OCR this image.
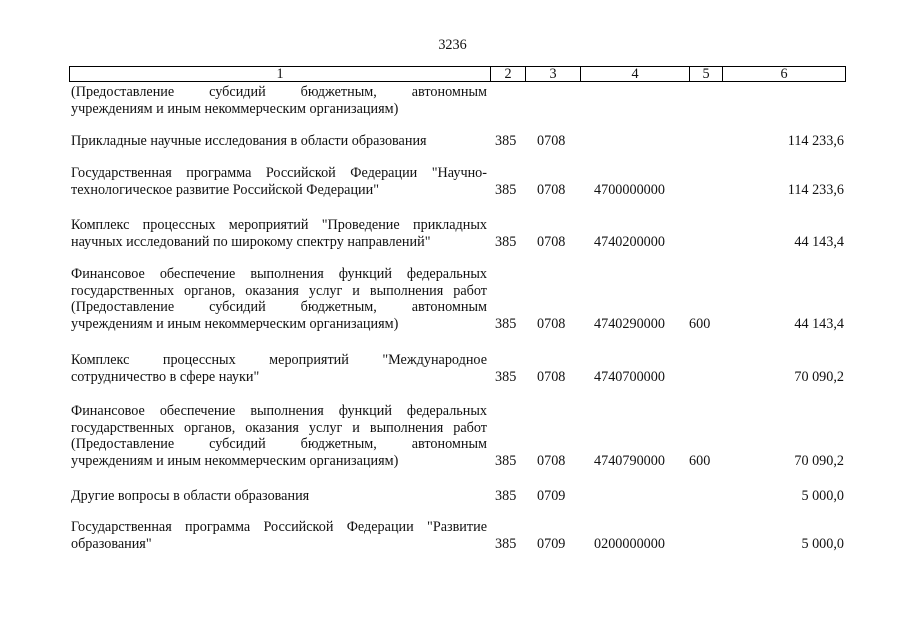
3236
1	2	3	4	5	6
(Предоставление субсидий бюджетным, автономным
учреждениям и иным некоммерческим организациям)
Прикладные научные исследования в области образования	385 0708	114 233,6
Государственная программа Российской Федерации "Научно-
технологическое развитие Российской Федерации"	385 0708 4700000000	114 233,6
Комплекс процессных мероприятий "Проведение прикладных
научных исследований по широкому спектру направлений"	385 0708 4740200000	44 143,4
Финансовое обеспечение выполнения функций федеральных
государственных органов, оказания услуг и выполнения работ
(Предоставление субсидий бюджетным, автономным
учреждениям и иным некоммерческим организациям)	385 0708 4740290000 600	44 143,4
Комплекс процессных мероприятий "Международное
сотрудничество в сфере науки"	385 0708 4740700000	70 090,2
Финансовое обеспечение выполнения функций федеральных
государственных органов, оказания услуг и выполнения работ
(Предоставление субсидий бюджетным, автономным
учреждениям и иным некоммерческим организациям)	385 0708 4740790000 600	70 090,2
Другие вопросы в области образования	385 0709	5 000,0
Государственная программа Российской Федерации "Развитие
образования"	385 0709 0200000000	5 000,0
